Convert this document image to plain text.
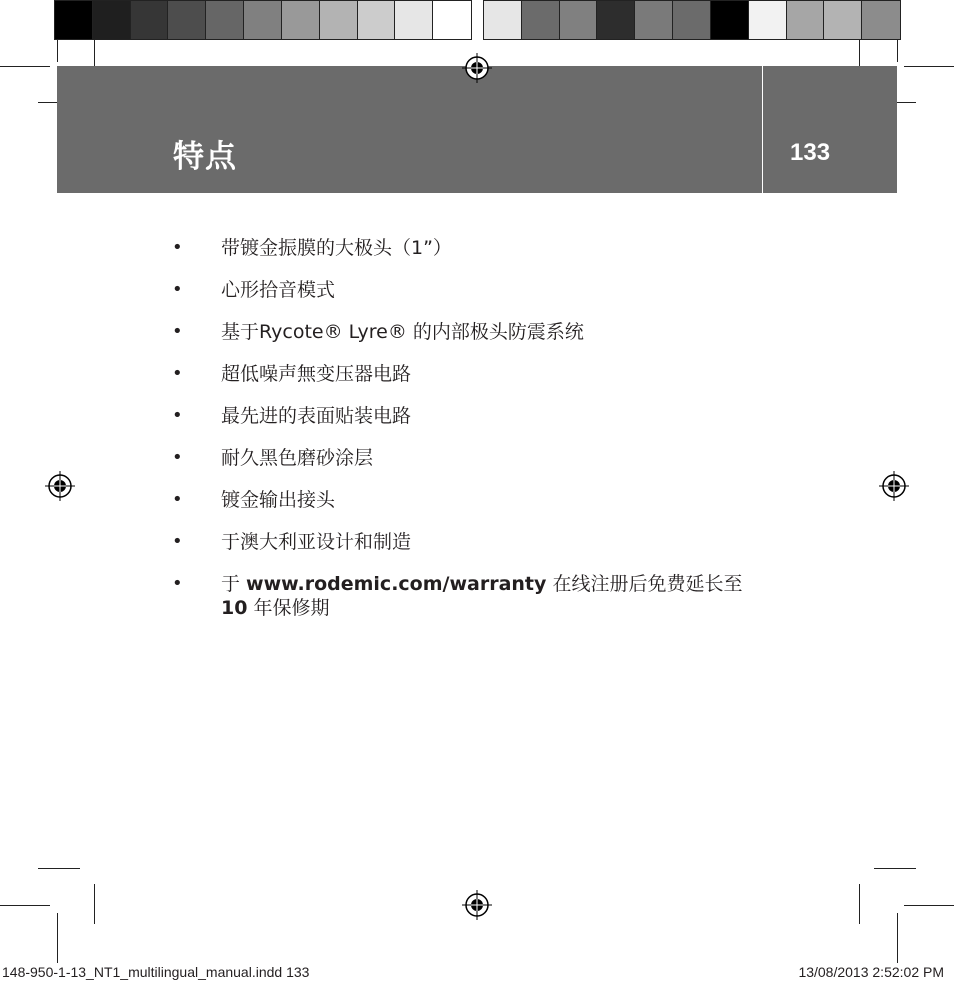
特点	133
• 带镀金振膜的大极头（1”）
• 心形拾音模式
• 基于Rycote® Lyre® 的内部极头防震系统
• 超低噪声無变压器电路
• 最先进的表面贴装电路
• 耐久黑色磨砂涂层
• 镀金输出接头
• 于澳大利亚设计和制造
• 于 www.rodemic.com/warranty 在线注册后免费延长至
10 年保修期
148-950-1-13_NT1_multilingual_manual.indd 133	13/08/2013 2:52:02 PM
